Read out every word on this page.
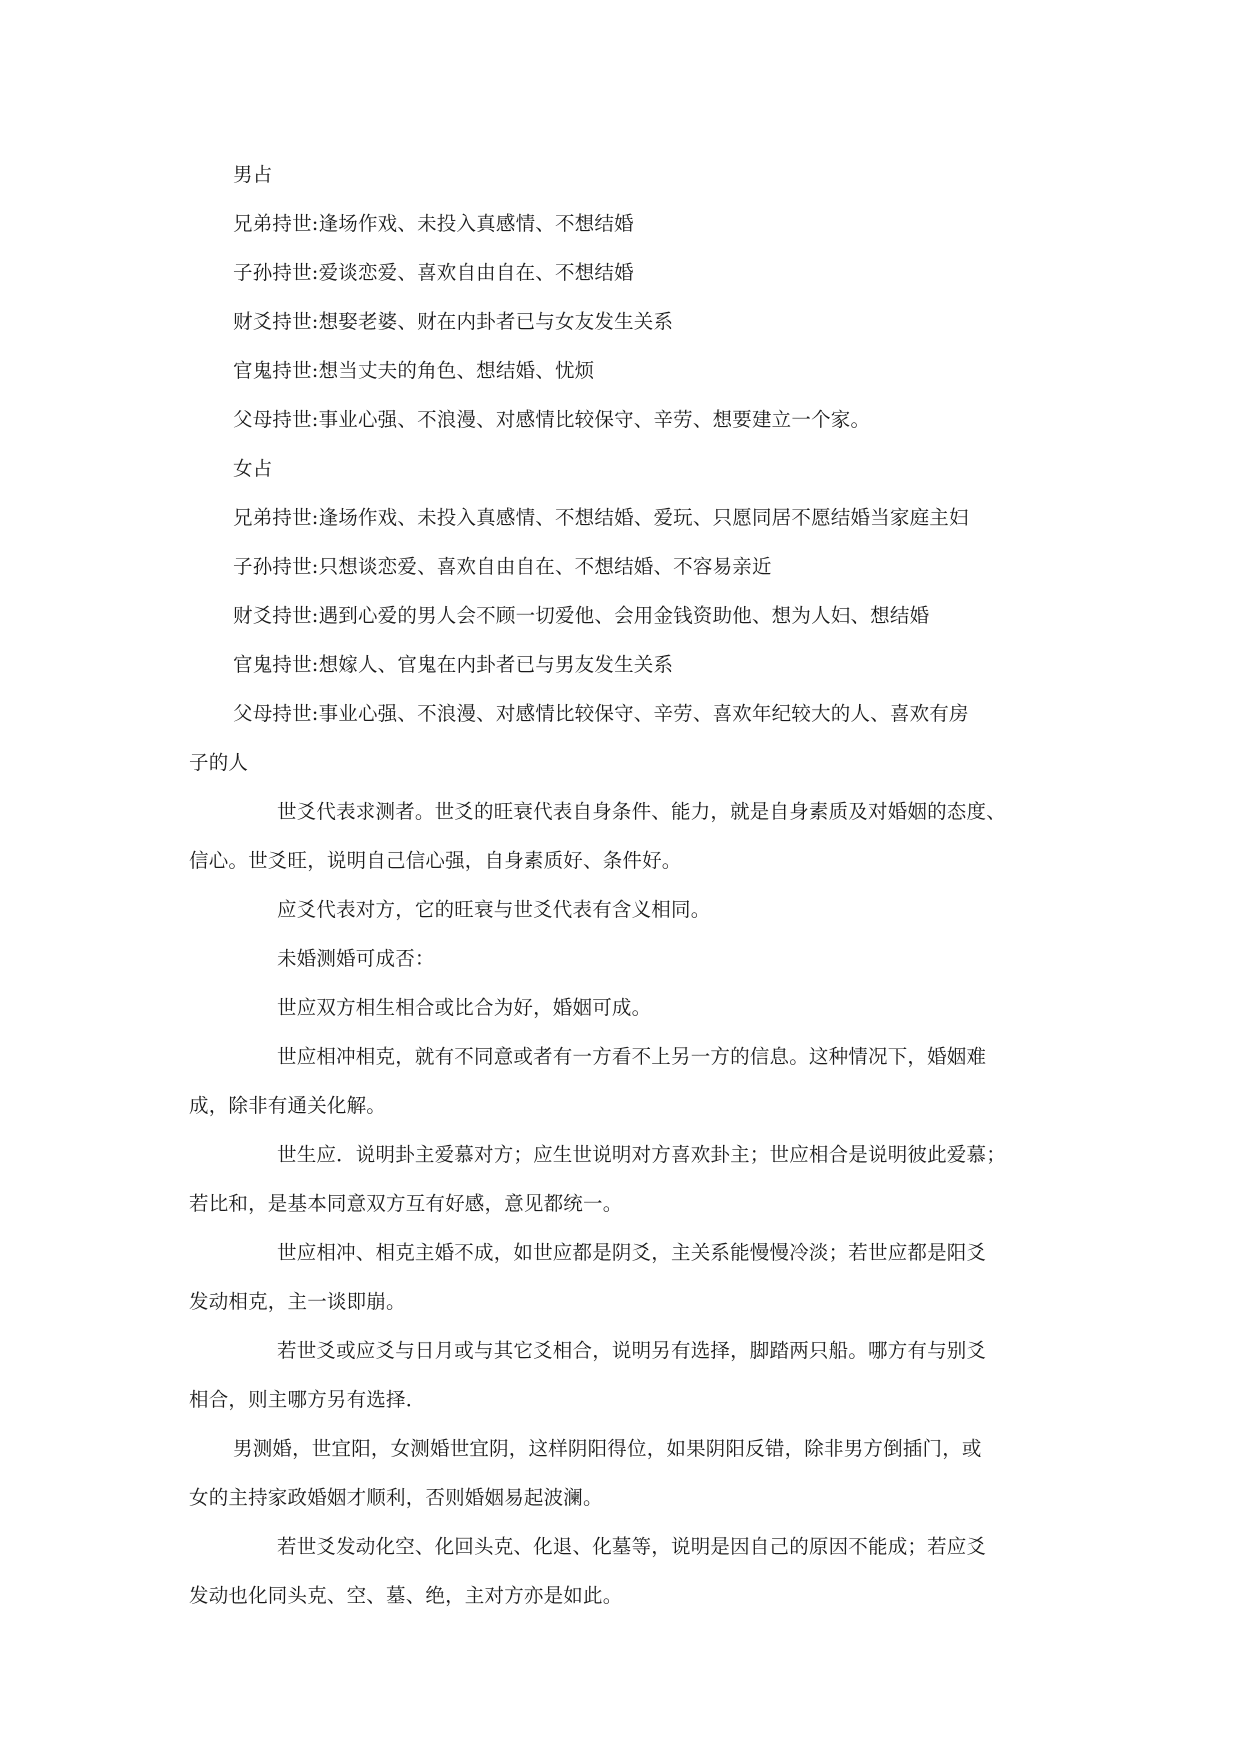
男占
兄弟持世:逢场作戏、未投入真感情、不想结婚
子孙持世:爱谈恋爱、喜欢自由自在、不想结婚
财爻持世:想娶老婆、财在内卦者已与女友发生关系
官鬼持世:想当丈夫的角色、想结婚、忧烦
父母持世:事业心强、不浪漫、对感情比较保守、辛劳、想要建立一个家。
女占
兄弟持世:逢场作戏、未投入真感情、不想结婚、爱玩、只愿同居不愿结婚当家庭主妇
子孙持世:只想谈恋爱、喜欢自由自在、不想结婚、不容易亲近
财爻持世:遇到心爱的男人会不顾一切爱他、会用金钱资助他、想为人妇、想结婚
官鬼持世:想嫁人、官鬼在内卦者已与男友发生关系
父母持世:事业心强、不浪漫、对感情比较保守、辛劳、喜欢年纪较大的人、喜欢有房
子的人
世爻代表求测者。世爻的旺衰代表自身条件、能力，就是自身素质及对婚姻的态度、
信心。世爻旺，说明自己信心强，自身素质好、条件好。
应爻代表对方，它的旺衰与世爻代表有含义相同。
未婚测婚可成否：
世应双方相生相合或比合为好，婚姻可成。
世应相冲相克，就有不同意或者有一方看不上另一方的信息。这种情况下，婚姻难
成，除非有通关化解。
世生应．说明卦主爱慕对方；应生世说明对方喜欢卦主；世应相合是说明彼此爱慕；
若比和，是基本同意双方互有好感，意见都统一。
世应相冲、相克主婚不成，如世应都是阴爻，主关系能慢慢冷淡；若世应都是阳爻
发动相克，主一谈即崩。
若世爻或应爻与日月或与其它爻相合，说明另有选择，脚踏两只船。哪方有与别爻
相合，则主哪方另有选择．
男测婚，世宜阳，女测婚世宜阴，这样阴阳得位，如果阴阳反错，除非男方倒插门，或
女的主持家政婚姻才顺利，否则婚姻易起波澜。
若世爻发动化空、化回头克、化退、化墓等，说明是因自己的原因不能成；若应爻
发动也化同头克、空、墓、绝，主对方亦是如此。
